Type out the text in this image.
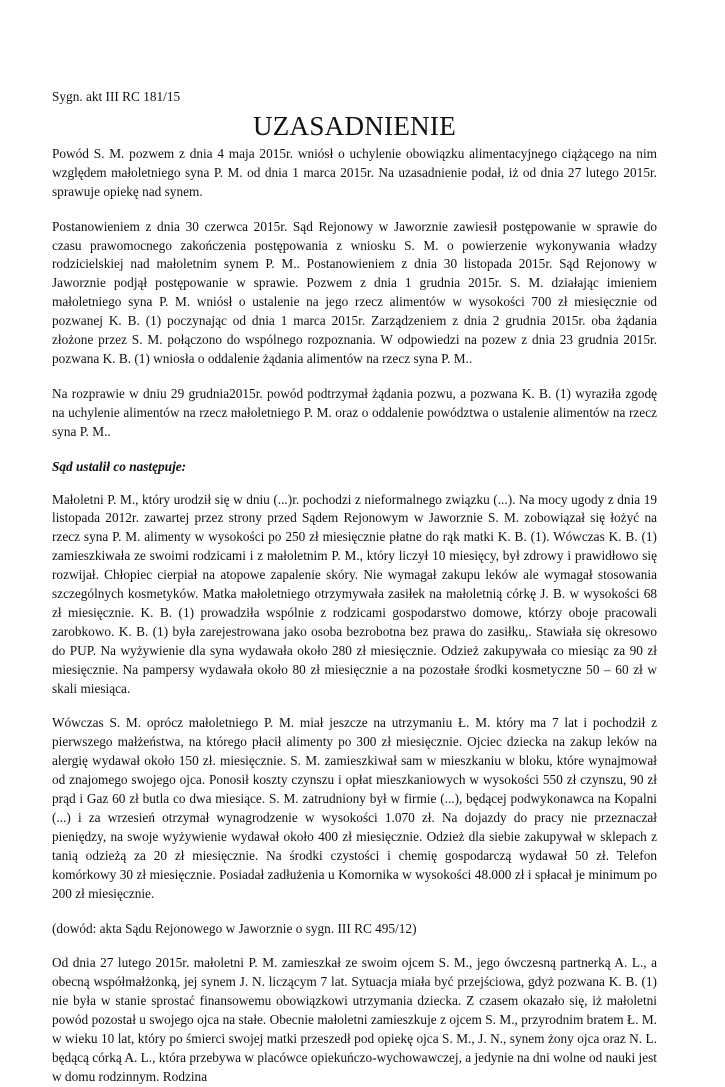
Sygn. akt III RC 181/15
UZASADNIENIE

Powód S. M. pozwem z dnia 4 maja 2015r. wniósł o uchylenie obowiązku alimentacyjnego ciążącego na nim względem małoletniego syna P. M. od dnia 1 marca 2015r. Na uzasadnienie podał, iż od dnia 27 lutego 2015r. sprawuje opiekę nad synem.

Postanowieniem z dnia 30 czerwca 2015r. Sąd Rejonowy w Jaworznie zawiesił postępowanie w sprawie do czasu prawomocnego zakończenia postępowania z wniosku S. M. o powierzenie wykonywania władzy rodzicielskiej nad małoletnim synem P. M.. Postanowieniem z dnia 30 listopada 2015r. Sąd Rejonowy w Jaworznie podjął postępowanie w sprawie. Pozwem z dnia 1 grudnia 2015r. S. M. działając imieniem małoletniego syna P. M. wniósł o ustalenie na jego rzecz alimentów w wysokości 700 zł miesięcznie od pozwanej K. B. (1) poczynając od dnia 1 marca 2015r. Zarządzeniem z dnia 2 grudnia 2015r. oba żądania złożone przez S. M. połączono do wspólnego rozpoznania. W odpowiedzi na pozew z dnia 23 grudnia 2015r. pozwana K. B. (1) wniosła o oddalenie żądania alimentów na rzecz syna P. M..

Na rozprawie w dniu 29 grudnia2015r. powód podtrzymał żądania pozwu, a pozwana K. B. (1) wyraziła zgodę na uchylenie alimentów na rzecz małoletniego P. M. oraz o oddalenie powództwa o ustalenie alimentów na rzecz syna P. M..

Sąd ustalił co następuje:

Małoletni P. M., który urodził się w dniu (...)r. pochodzi z nieformalnego związku (...). Na mocy ugody z dnia 19 listopada 2012r. zawartej przez strony przed Sądem Rejonowym w Jaworznie S. M. zobowiązał się łożyć na rzecz syna P. M. alimenty w wysokości po 250 zł miesięcznie płatne do rąk matki K. B. (1). Wówczas K. B. (1) zamieszkiwała ze swoimi rodzicami i z małoletnim P. M., który liczył 10 miesięcy, był zdrowy i prawidłowo się rozwijał. Chłopiec cierpiał na atopowe zapalenie skóry. Nie wymagał zakupu leków ale wymagał stosowania szczególnych kosmetyków. Matka małoletniego otrzymywała zasiłek na małoletnią córkę J. B. w wysokości 68 zł miesięcznie. K. B. (1) prowadziła wspólnie z rodzicami gospodarstwo domowe, którzy oboje pracowali zarobkowo. K. B. (1) była zarejestrowana jako osoba bezrobotna bez prawa do zasiłku,. Stawiała się okresowo do PUP. Na wyżywienie dla syna wydawała około 280 zł miesięcznie. Odzież zakupywała co miesiąc za 90 zł miesięcznie. Na pampersy wydawała około 80 zł miesięcznie a na pozostałe środki kosmetyczne 50 – 60 zł w skali miesiąca.

Wówczas S. M. oprócz małoletniego P. M. miał jeszcze na utrzymaniu Ł. M. który ma 7 lat i pochodził z pierwszego małżeństwa, na którego płacił alimenty po 300 zł miesięcznie. Ojciec dziecka na zakup leków na alergię wydawał około 150 zł. miesięcznie. S. M. zamieszkiwał sam w mieszkaniu w bloku, które wynajmował od znajomego swojego ojca. Ponosił koszty czynszu i opłat mieszkaniowych w wysokości 550 zł czynszu, 90 zł prąd i Gaz 60 zł butla co dwa miesiące. S. M. zatrudniony był w firmie (...), będącej podwykonawca na Kopalni (...) i za wrzesień otrzymał wynagrodzenie w wysokości 1.070 zł. Na dojazdy do pracy nie przeznaczał pieniędzy, na swoje wyżywienie wydawał około 400 zł miesięcznie. Odzież dla siebie zakupywał w sklepach z tanią odzieżą za 20 zł miesięcznie. Na środki czystości i chemię gospodarczą wydawał 50 zł. Telefon komórkowy 30 zł miesięcznie. Posiadał zadłużenia u Komornika w wysokości 48.000 zł i spłacał je minimum po 200 zł miesięcznie.

(dowód: akta Sądu Rejonowego w Jaworznie o sygn. III RC 495/12)

Od dnia 27 lutego 2015r. małoletni P. M. zamieszkał ze swoim ojcem S. M., jego ówczesną partnerką A. L., a obecną współmałżonką, jej synem J. N. liczącym 7 lat. Sytuacja miała być przejściowa, gdyż pozwana K. B. (1) nie była w stanie sprostać finansowemu obowiązkowi utrzymania dziecka. Z czasem okazało się, iż małoletni powód pozostał u swojego ojca na stałe. Obecnie małoletni zamieszkuje z ojcem S. M., przyrodnim bratem Ł. M. w wieku 10 lat, który po śmierci swojej matki przeszedł pod opiekę ojca S. M., J. N., synem żony ojca oraz N. L. będącą córką A. L., która przebywa w placówce opiekuńczo-wychowawczej, a jedynie na dni wolne od nauki jest w domu rodzinnym. Rodzina
